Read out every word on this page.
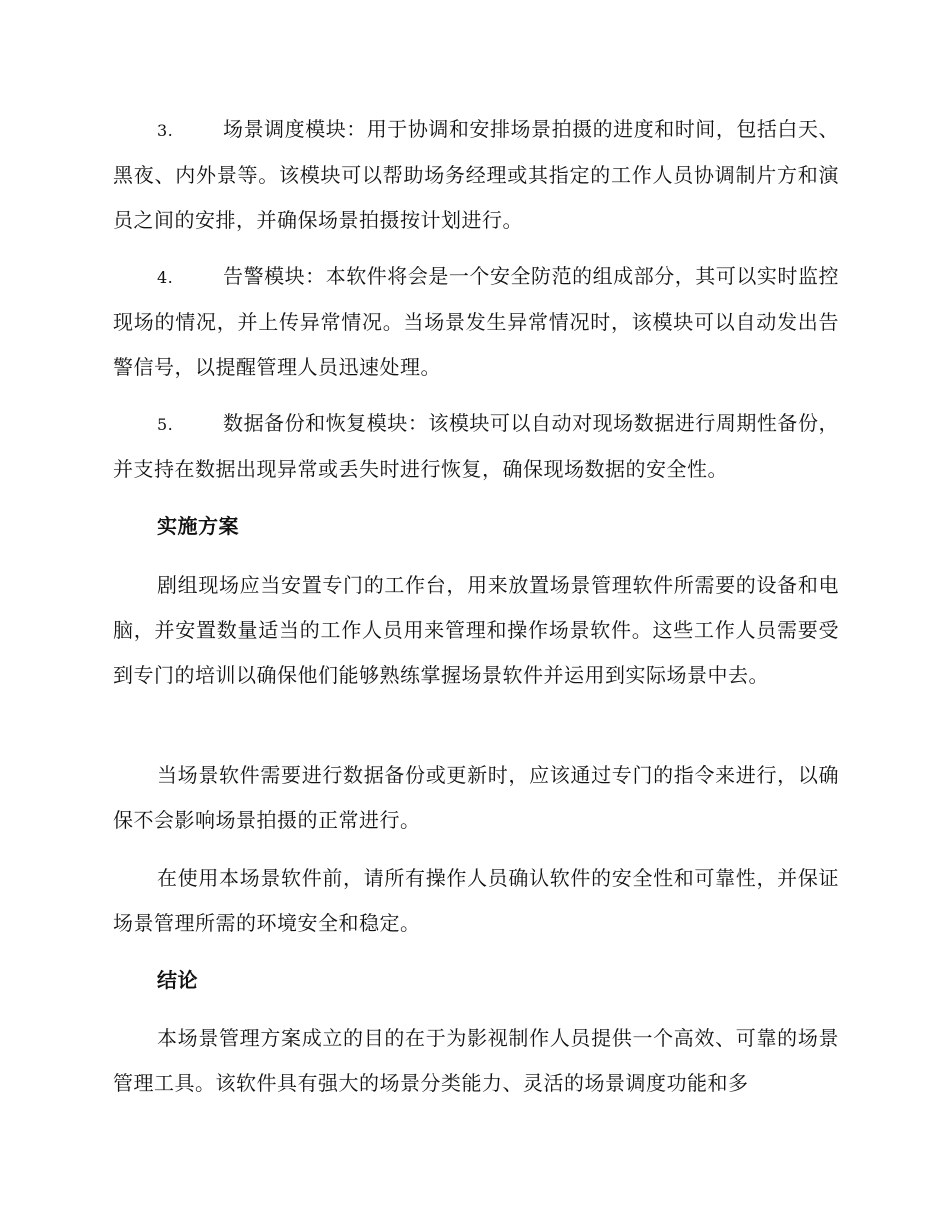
3. 场景调度模块：用于协调和安排场景拍摄的进度和时间，包括白天、黑夜、内外景等。该模块可以帮助场务经理或其指定的工作人员协调制片方和演员之间的安排，并确保场景拍摄按计划进行。

4. 告警模块：本软件将会是一个安全防范的组成部分，其可以实时监控现场的情况，并上传异常情况。当场景发生异常情况时，该模块可以自动发出告警信号，以提醒管理人员迅速处理。

5. 数据备份和恢复模块：该模块可以自动对现场数据进行周期性备份，并支持在数据出现异常或丢失时进行恢复，确保现场数据的安全性。

实施方案

剧组现场应当安置专门的工作台，用来放置场景管理软件所需要的设备和电脑，并安置数量适当的工作人员用来管理和操作场景软件。这些工作人员需要受到专门的培训以确保他们能够熟练掌握场景软件并运用到实际场景中去。

当场景软件需要进行数据备份或更新时，应该通过专门的指令来进行，以确保不会影响场景拍摄的正常进行。

在使用本场景软件前，请所有操作人员确认软件的安全性和可靠性，并保证场景管理所需的环境安全和稳定。

结论

本场景管理方案成立的目的在于为影视制作人员提供一个高效、可靠的场景管理工具。该软件具有强大的场景分类能力、灵活的场景调度功能和多
